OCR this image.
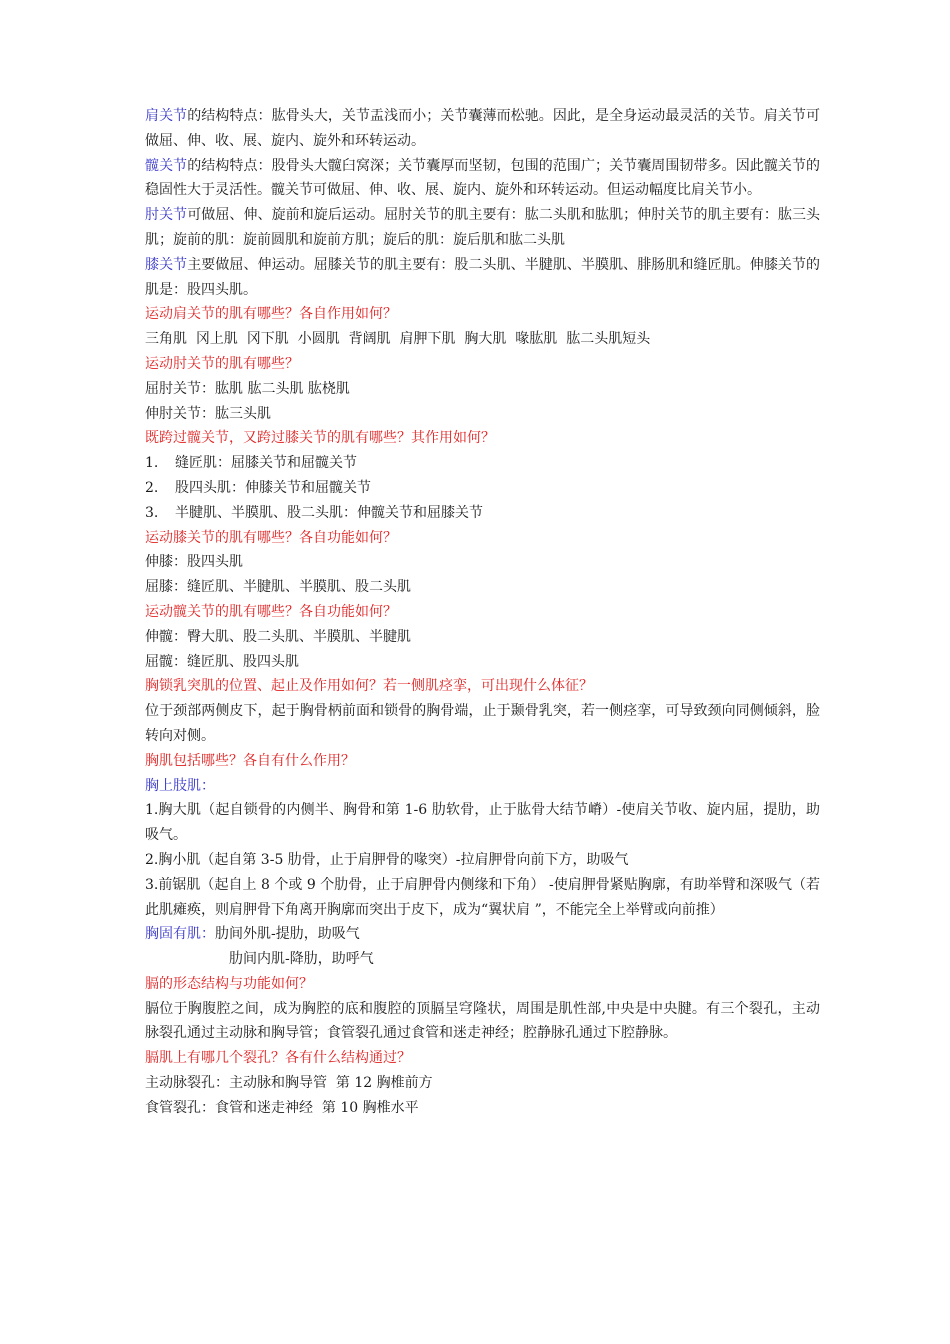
肩关节的结构特点：肱骨头大，关节盂浅而小；关节囊薄而松驰。因此，是全身运动最灵活的关节。肩关节可做屈、伸、收、展、旋内、旋外和环转运动。

髋关节的结构特点：股骨头大髋臼窝深；关节囊厚而坚韧，包围的范围广；关节囊周围韧带多。因此髋关节的稳固性大于灵活性。髋关节可做屈、伸、收、展、旋内、旋外和环转运动。但运动幅度比肩关节小。

肘关节可做屈、伸、旋前和旋后运动。屈肘关节的肌主要有：肱二头肌和肱肌；伸肘关节的肌主要有：肱三头肌；旋前的肌：旋前圆肌和旋前方肌；旋后的肌：旋后肌和肱二头肌

膝关节主要做屈、伸运动。屈膝关节的肌主要有：股二头肌、半腱肌、半膜肌、腓肠肌和缝匠肌。伸膝关节的肌是：股四头肌。

运动肩关节的肌有哪些？各自作用如何？

三角肌  冈上肌  冈下肌  小圆肌  背阔肌  肩胛下肌  胸大肌  喙肱肌  肱二头肌短头

运动肘关节的肌有哪些？

屈肘关节：肱肌 肱二头肌 肱桡肌

伸肘关节：肱三头肌

既跨过髋关节，又跨过膝关节的肌有哪些？其作用如何？

1. 缝匠肌：屈膝关节和屈髋关节

2. 股四头肌：伸膝关节和屈髋关节

3. 半腱肌、半膜肌、股二头肌：伸髋关节和屈膝关节

运动膝关节的肌有哪些？各自功能如何？

伸膝：股四头肌

屈膝：缝匠肌、半腱肌、半膜肌、股二头肌

运动髋关节的肌有哪些？各自功能如何？

伸髋：臀大肌、股二头肌、半膜肌、半腱肌

屈髋：缝匠肌、股四头肌

胸锁乳突肌的位置、起止及作用如何？若一侧肌痉挛，可出现什么体征？

位于颈部两侧皮下，起于胸骨柄前面和锁骨的胸骨端，止于颞骨乳突，若一侧痉挛，可导致颈向同侧倾斜，脸转向对侧。

胸肌包括哪些？各自有什么作用？

胸上肢肌：

1.胸大肌（起自锁骨的内侧半、胸骨和第 1-6 肋软骨，止于肱骨大结节嵴）-使肩关节收、旋内屈，提肋，助吸气。

2.胸小肌（起自第 3-5 肋骨，止于肩胛骨的喙突）-拉肩胛骨向前下方，助吸气

3.前锯肌（起自上 8 个或 9 个肋骨，止于肩胛骨内侧缘和下角） -使肩胛骨紧贴胸廓，有助举臂和深吸气（若此肌瘫痪，则肩胛骨下角离开胸廓而突出于皮下，成为“翼状肩 ”，不能完全上举臂或向前推）

胸固有肌：肋间外肌-提肋，助吸气

肋间内肌-降肋，助呼气

膈的形态结构与功能如何？

膈位于胸腹腔之间，成为胸腔的底和腹腔的顶膈呈穹隆状，周围是肌性部,中央是中央腱。有三个裂孔，主动脉裂孔通过主动脉和胸导管；食管裂孔通过食管和迷走神经；腔静脉孔通过下腔静脉。

膈肌上有哪几个裂孔？各有什么结构通过？

主动脉裂孔：主动脉和胸导管  第 12 胸椎前方

食管裂孔：食管和迷走神经  第 10 胸椎水平
